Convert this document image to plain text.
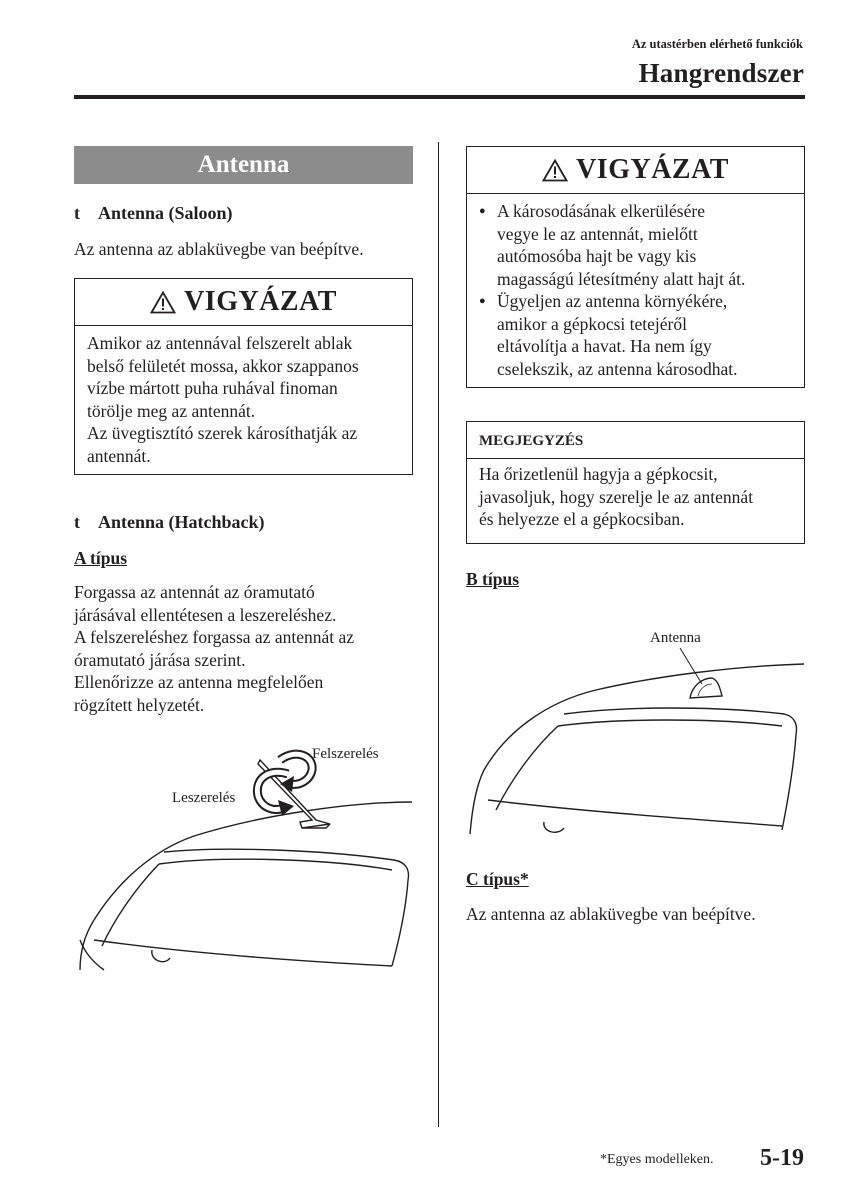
Az utastérben elérhető funkciók
Hangrendszer
Antenna
t Antenna (Saloon)
Az antenna az ablaküvegbe van beépítve.
VIGYÁZAT
Amikor az antennával felszerelt ablak
belső felületét mossa, akkor szappanos
vízbe mártott puha ruhával finoman
törölje meg az antennát.
Az üvegtisztító szerek károsíthatják az
antennát.
t Antenna (Hatchback)
A típus
Forgassa az antennát az óramutató
járásával ellentétesen a leszereléshez.
A felszereléshez forgassa az antennát az
óramutató járása szerint.
Ellenőrizze az antenna megfelelően
rögzített helyzetét.
Felszerelés
Leszerelés
VIGYÁZAT
● A károsodásának elkerülésére
vegye le az antennát, mielőtt
autómosóba hajt be vagy kis
magasságú létesítmény alatt hajt át.
● Ügyeljen az antenna környékére,
amikor a gépkocsi tetejéről
eltávolítja a havat. Ha nem így
cselekszik, az antenna károsodhat.
MEGJEGYZÉS
Ha őrizetlenül hagyja a gépkocsit,
javasoljuk, hogy szerelje le az antennát
és helyezze el a gépkocsiban.
B típus
Antenna
C típus*
Az antenna az ablaküvegbe van beépítve.
*Egyes modelleken. 5-19
